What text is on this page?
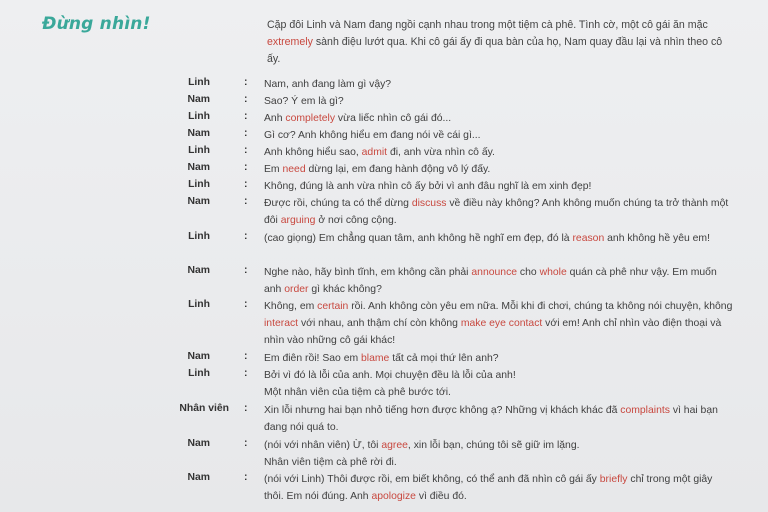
Đừng nhìn!	Cặp đôi Linh và Nam đang ngồi cạnh nhau trong một tiệm cà phê. Tình cờ, một cô gái ăn mặc extremely sành điệu lướt qua. Khi cô gái ấy đi qua bàn của họ, Nam quay đầu lại và nhìn theo cô ấy.
Linh	: Nam, anh đang làm gì vậy?
Nam	: Sao? Ý em là gì?
Linh	: Anh completely vừa liếc nhìn cô gái đó...
Nam	: Gì cơ? Anh không hiểu em đang nói về cái gì...
Linh	: Anh không hiểu sao, admit đi, anh vừa nhìn cô ấy.
Nam	: Em need dừng lại, em đang hành động vô lý đấy.
Linh	: Không, đúng là anh vừa nhìn cô ấy bởi vì anh đâu nghĩ là em xinh đẹp!
Nam	: Được rồi, chúng ta có thể dừng discuss về điều này không? Anh không muốn chúng ta trở thành một đôi arguing ở nơi công cộng.
Linh	: (cao giọng) Em chẳng quan tâm, anh không hề nghĩ em đẹp, đó là reason anh không hề yêu em!
Nam	: Nghe nào, hãy bình tĩnh, em không cần phải announce cho whole quán cà phê như vậy. Em muốn anh order gì khác không?
Linh	: Không, em certain rồi. Anh không còn yêu em nữa. Mỗi khi đi chơi, chúng ta không nói chuyện, không interact với nhau, anh thậm chí còn không make eye contact với em! Anh chỉ nhìn vào điện thoại và nhìn vào những cô gái khác!
Nam	: Em điên rồi! Sao em blame tất cả mọi thứ lên anh?
Linh	: Bởi vì đó là lỗi của anh. Mọi chuyện đều là lỗi của anh!
Một nhân viên của tiệm cà phê bước tới.
Nhân viên : Xin lỗi nhưng hai bạn nhỏ tiếng hơn được không ạ? Những vị khách khác đã complaints vì hai bạn đang nói quá to.
Nam	: (nói với nhân viên) Ừ, tôi agree, xin lỗi bạn, chúng tôi sẽ giữ im lặng.
Nhân viên tiệm cà phê rời đi.
Nam	: (nói với Linh) Thôi được rồi, em biết không, có thể anh đã nhìn cô gái ấy briefly chỉ trong một giây thôi. Em nói đúng. Anh apologize vì điều đó.
